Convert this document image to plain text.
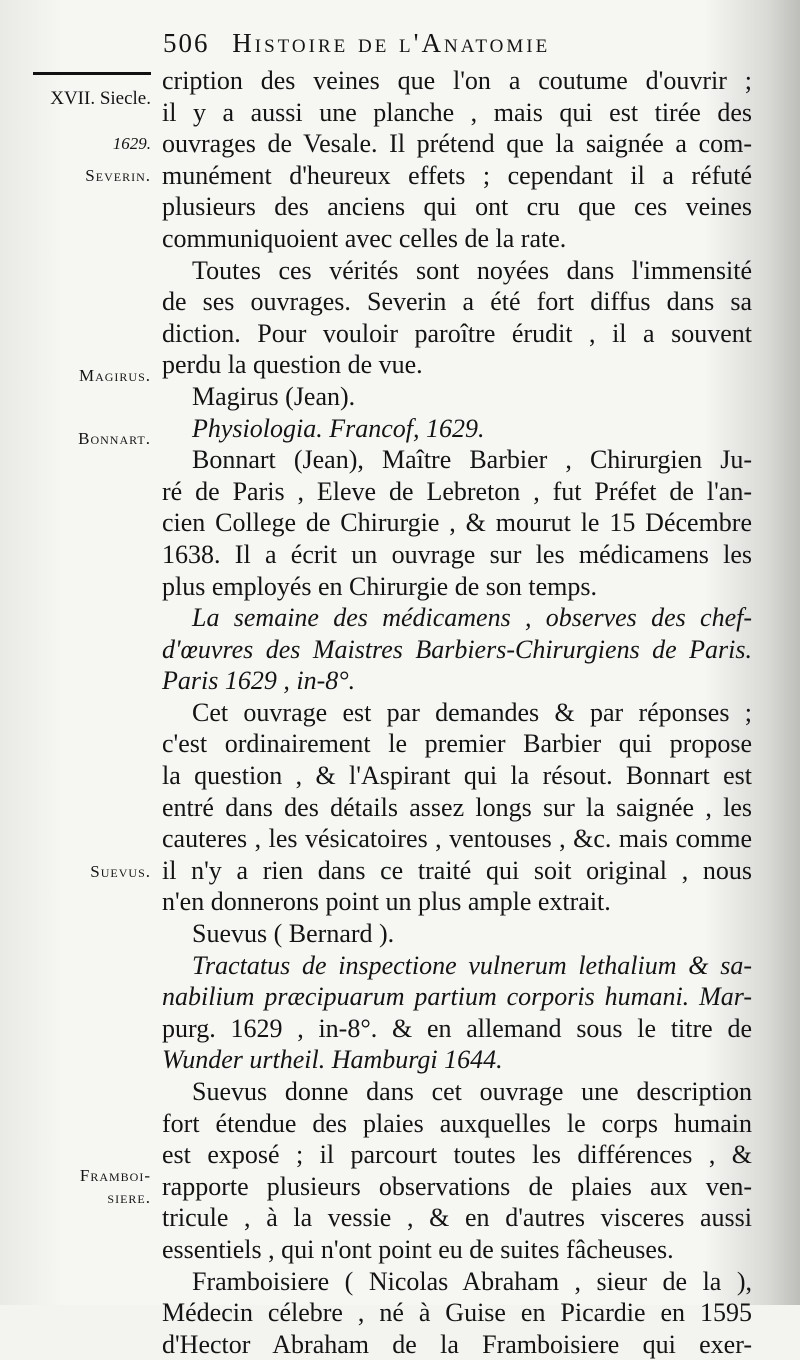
506 Histoire de l'Anatomie
XVII. Siecle.
1629.
Severin.
Magirus.
Bonnart.
Suevus.
Framboi-
siere.
cription des veines que l'on a coutume d'ouvrir ;
il y a aussi une planche , mais qui est tirée des
ouvrages de Vesale. Il prétend que la saignée a com-
munément d'heureux effets ; cependant il a réfuté
plusieurs des anciens qui ont cru que ces veines
communiquoient avec celles de la rate.
Toutes ces vérités sont noyées dans l'immensité
de ses ouvrages. Severin a été fort diffus dans sa
diction. Pour vouloir paroître érudit , il a souvent
perdu la question de vue.
Magirus (Jean).
Physiologia. Francof, 1629.
Bonnart (Jean), Maître Barbier , Chirurgien Ju-
ré de Paris , Eleve de Lebreton , fut Préfet de l'an-
cien College de Chirurgie , & mourut le 15 Décembre
1638. Il a écrit un ouvrage sur les médicamens les
plus employés en Chirurgie de son temps.
La semaine des médicamens , observes des chef-
d'œuvres des Maistres Barbiers-Chirurgiens de Paris.
Paris 1629 , in-8°.
Cet ouvrage est par demandes & par réponses ;
c'est ordinairement le premier Barbier qui propose
la question , & l'Aspirant qui la résout. Bonnart est
entré dans des détails assez longs sur la saignée , les
cauteres , les vésicatoires , ventouses , &c. mais comme
il n'y a rien dans ce traité qui soit original , nous
n'en donnerons point un plus ample extrait.
Suevus ( Bernard ).
Tractatus de inspectione vulnerum lethalium & sa-
nabilium præcipuarum partium corporis humani. Mar-
purg. 1629 , in-8°. & en allemand sous le titre de
Wunder urtheil. Hamburgi 1644.
Suevus donne dans cet ouvrage une description
fort étendue des plaies auxquelles le corps humain
est exposé ; il parcourt toutes les différences , &
rapporte plusieurs observations de plaies aux ven-
tricule , à la vessie , & en d'autres visceres aussi
essentiels , qui n'ont point eu de suites fâcheuses.
Framboisiere ( Nicolas Abraham , sieur de la ),
Médecin célebre , né à Guise en Picardie en 1595
d'Hector Abraham de la Framboisiere qui exer-
